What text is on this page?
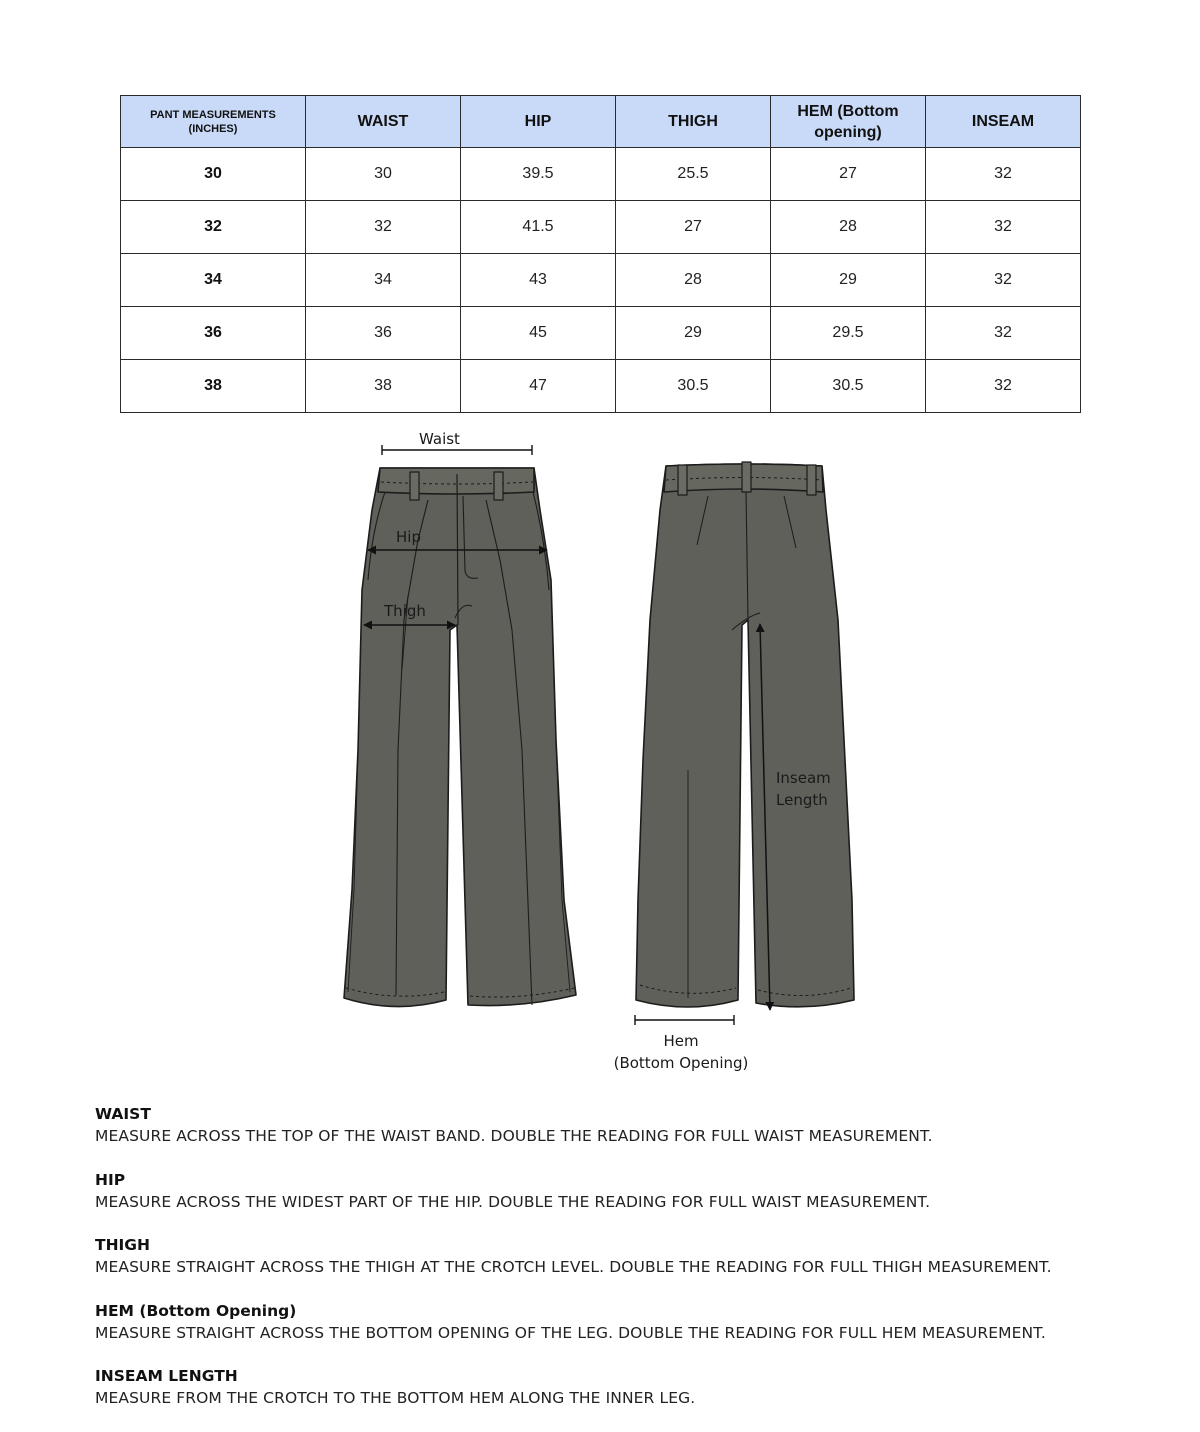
PANT MEASUREMENTS (INCHES)	WAIST	HIP	THIGH	HEM (Bottom opening)	INSEAM
30	30	39.5	25.5	27	32
32	32	41.5	27	28	32
34	34	43	28	29	32
36	36	45	29	29.5	32
38	38	47	30.5	30.5	32
Waist
Hip
Thigh
Inseam
Length
Hem
(Bottom Opening)
WAIST
MEASURE ACROSS THE TOP OF THE WAIST BAND. DOUBLE THE READING FOR FULL WAIST MEASUREMENT.
HIP
MEASURE ACROSS THE WIDEST PART OF THE HIP. DOUBLE THE READING FOR FULL WAIST MEASUREMENT.
THIGH
MEASURE STRAIGHT ACROSS THE THIGH AT THE CROTCH LEVEL. DOUBLE THE READING FOR FULL THIGH MEASUREMENT.
HEM (Bottom Opening)
MEASURE STRAIGHT ACROSS THE BOTTOM OPENING OF THE LEG. DOUBLE THE READING FOR FULL HEM MEASUREMENT.
INSEAM LENGTH
MEASURE FROM THE CROTCH TO THE BOTTOM HEM ALONG THE INNER LEG.
